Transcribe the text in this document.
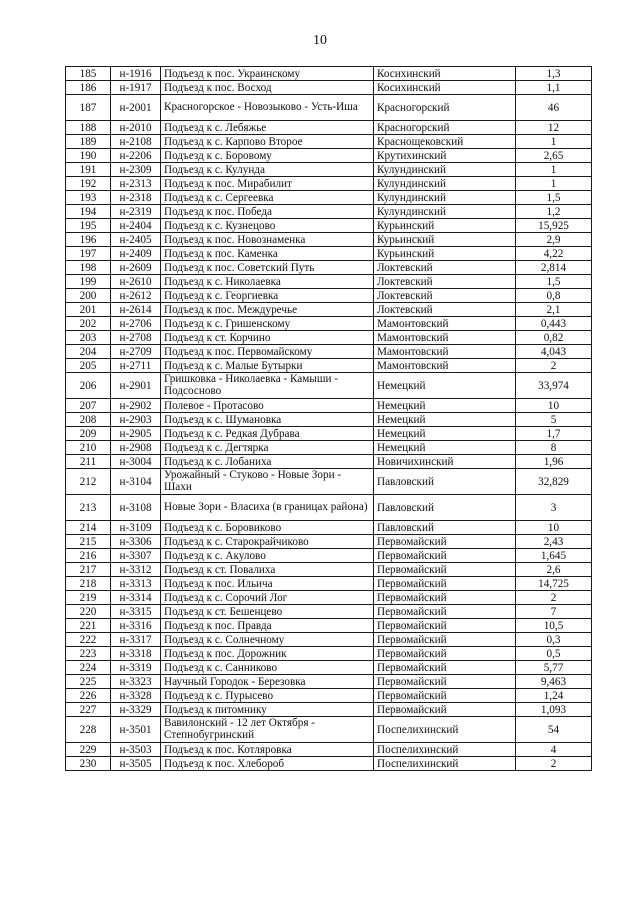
10
185	н-1916	Подъезд к пос. Украинскому	Косихинский	1,3
186	н-1917	Подъезд к пос. Восход	Косихинский	1,1
187	н-2001	Красногорское - Новозыково - Усть-Иша	Красногорский	46
188	н-2010	Подъезд к с. Лебяжье	Красногорский	12
189	н-2108	Подъезд к с. Карпово Второе	Краснощековский	1
190	н-2206	Подъезд к с. Боровому	Крутихинский	2,65
191	н-2309	Подъезд к с. Кулунда	Кулундинский	1
192	н-2313	Подъезд к пос. Мирабилит	Кулундинский	1
193	н-2318	Подъезд к с. Сергеевка	Кулундинский	1,5
194	н-2319	Подъезд к пос. Победа	Кулундинский	1,2
195	н-2404	Подъезд к с. Кузнецово	Курьинский	15,925
196	н-2405	Подъезд к пос. Новознаменка	Курьинский	2,9
197	н-2409	Подъезд к пос. Каменка	Курьинский	4,22
198	н-2609	Подъезд к пос. Советский Путь	Локтевский	2,814
199	н-2610	Подъезд к с. Николаевка	Локтевский	1,5
200	н-2612	Подъезд к с. Георгиевка	Локтевский	0,8
201	н-2614	Подъезд к пос. Междуречье	Локтевский	2,1
202	н-2706	Подъезд к с. Гришенскому	Мамонтовский	0,443
203	н-2708	Подъезд к ст. Корчино	Мамонтовский	0,82
204	н-2709	Подъезд к пос. Первомайскому	Мамонтовский	4,043
205	н-2711	Подъезд к с. Малые Бутырки	Мамонтовский	2
206	н-2901	Гришковка - Николаевка - Камыши - Подсосново	Немецкий	33,974
207	н-2902	Полевое - Протасово	Немецкий	10
208	н-2903	Подъезд к с. Шумановка	Немецкий	5
209	н-2905	Подъезд к с. Редкая Дубрава	Немецкий	1,7
210	н-2908	Подъезд к с. Дегтярка	Немецкий	8
211	н-3004	Подъезд к с. Лобаниха	Новичихинский	1,96
212	н-3104	Урожайный - Стуково - Новые Зори - Шахи	Павловский	32,829
213	н-3108	Новые Зори - Власиха (в границах района)	Павловский	3
214	н-3109	Подъезд к с. Боровиково	Павловский	10
215	н-3306	Подъезд к с. Старокрайчиково	Первомайский	2,43
216	н-3307	Подъезд к с. Акулово	Первомайский	1,645
217	н-3312	Подъезд к ст. Повалиха	Первомайский	2,6
218	н-3313	Подъезд к пос. Ильича	Первомайский	14,725
219	н-3314	Подъезд к с. Сорочий Лог	Первомайский	2
220	н-3315	Подъезд к ст. Бешенцево	Первомайский	7
221	н-3316	Подъезд к пос. Правда	Первомайский	10,5
222	н-3317	Подъезд к с. Солнечному	Первомайский	0,3
223	н-3318	Подъезд к пос. Дорожник	Первомайский	0,5
224	н-3319	Подъезд к с. Санниково	Первомайский	5,77
225	н-3323	Научный Городок - Березовка	Первомайский	9,463
226	н-3328	Подъезд к с. Пурысево	Первомайский	1,24
227	н-3329	Подъезд к питомнику	Первомайский	1,093
228	н-3501	Вавилонский - 12 лет Октября - Степнобугринский	Поспелихинский	54
229	н-3503	Подъезд к пос. Котляровка	Поспелихинский	4
230	н-3505	Подъезд к пос. Хлебороб	Поспелихинский	2
